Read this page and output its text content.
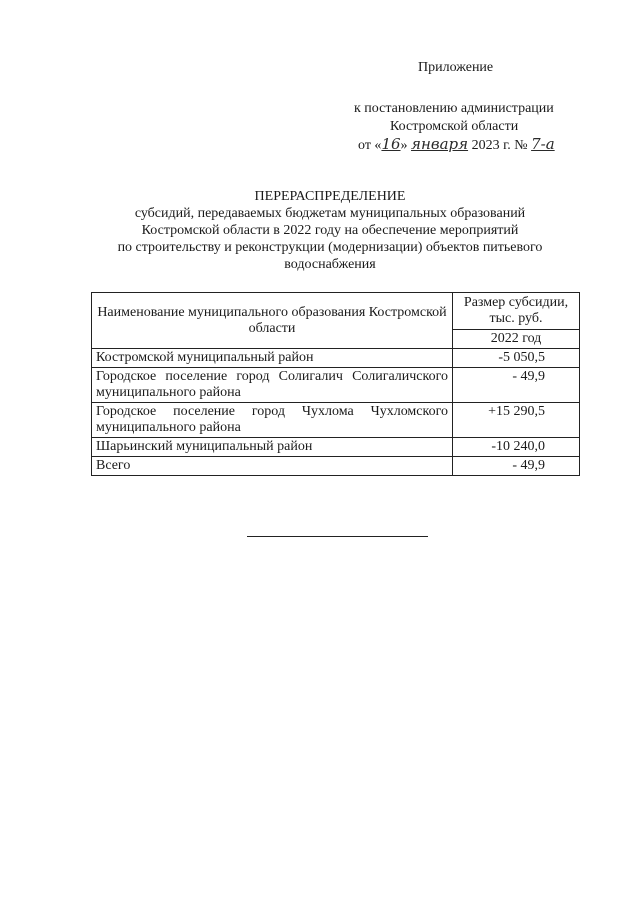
Приложение
к постановлению администрации
Костромской области
от «16» января 2023 г. № 7-а
ПЕРЕРАСПРЕДЕЛЕНИЕ
субсидий, передаваемых бюджетам муниципальных образований
Костромской области в 2022 году на обеспечение мероприятий
по строительству и реконструкции (модернизации) объектов питьевого
водоснабжения
Наименование муниципального образования Костромской области	Размер субсидии, тыс. руб.
	2022 год
Костромской муниципальный район	-5 050,5
Городское поселение город Солигалич Солигаличского муниципального района	- 49,9
Городское поселение город Чухлома Чухломского муниципального района	+15 290,5
Шарьинский муниципальный район	-10 240,0
Всего	- 49,9
